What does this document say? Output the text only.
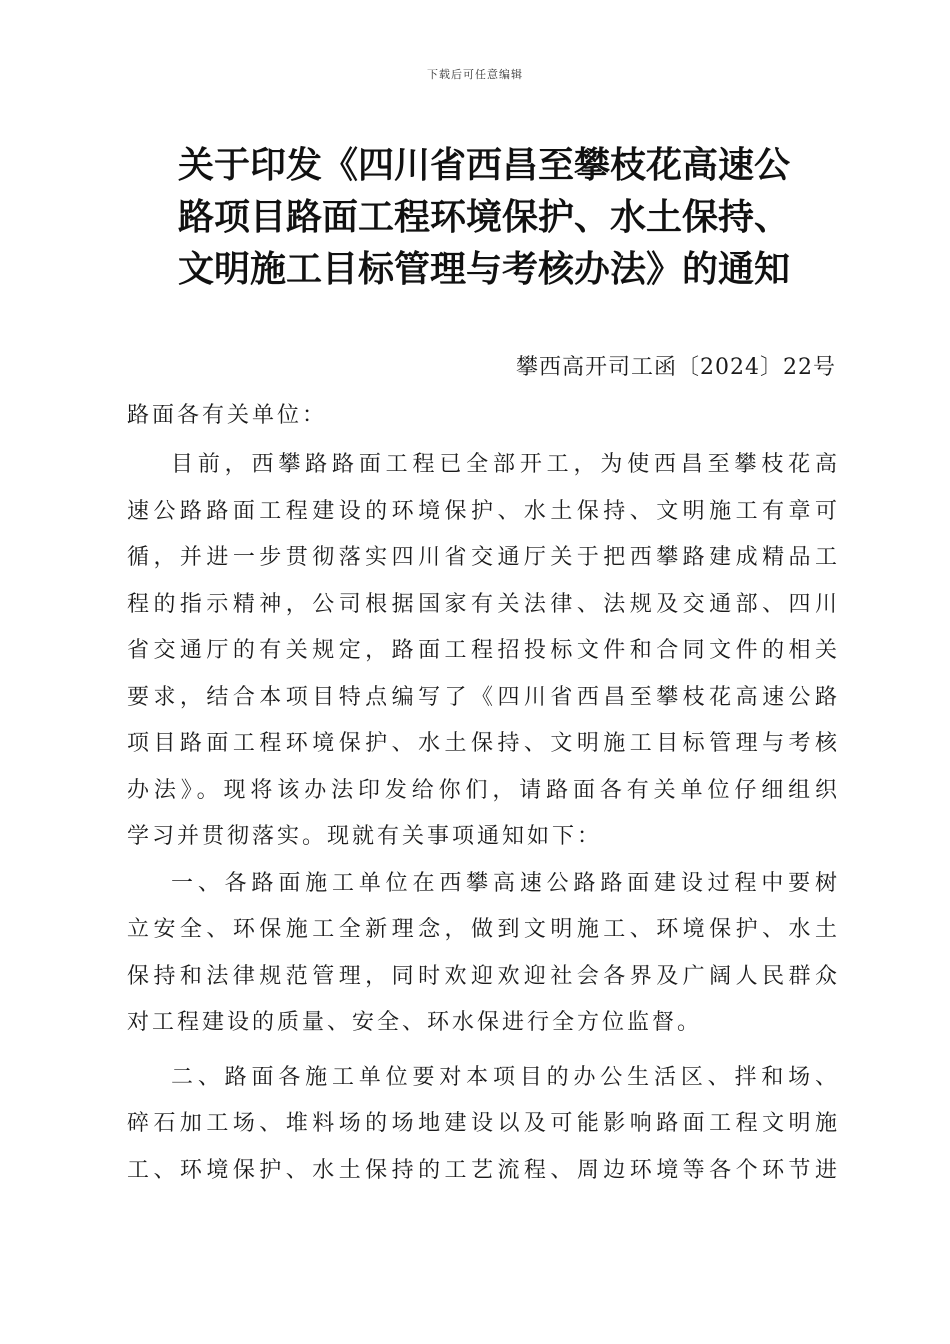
下载后可任意编辑
关于印发《四川省西昌至攀枝花高速公
路项目路面工程环境保护、水土保持、
文明施工目标管理与考核办法》的通知
攀西高开司工函〔2024〕22号
路面各有关单位：
目前，西攀路路面工程已全部开工，为使西昌至攀枝花高
速公路路面工程建设的环境保护、水土保持、文明施工有章可
循，并进一步贯彻落实四川省交通厅关于把西攀路建成精品工
程的指示精神，公司根据国家有关法律、法规及交通部、四川
省交通厅的有关规定，路面工程招投标文件和合同文件的相关
要求，结合本项目特点编写了《四川省西昌至攀枝花高速公路
项目路面工程环境保护、水土保持、文明施工目标管理与考核
办法》。现将该办法印发给你们，请路面各有关单位仔细组织
学习并贯彻落实。现就有关事项通知如下：
一、各路面施工单位在西攀高速公路路面建设过程中要树
立安全、环保施工全新理念，做到文明施工、环境保护、水土
保持和法律规范管理，同时欢迎欢迎社会各界及广阔人民群众
对工程建设的质量、安全、环水保进行全方位监督。
二、路面各施工单位要对本项目的办公生活区、拌和场、
碎石加工场、堆料场的场地建设以及可能影响路面工程文明施
工、环境保护、水土保持的工艺流程、周边环境等各个环节进
